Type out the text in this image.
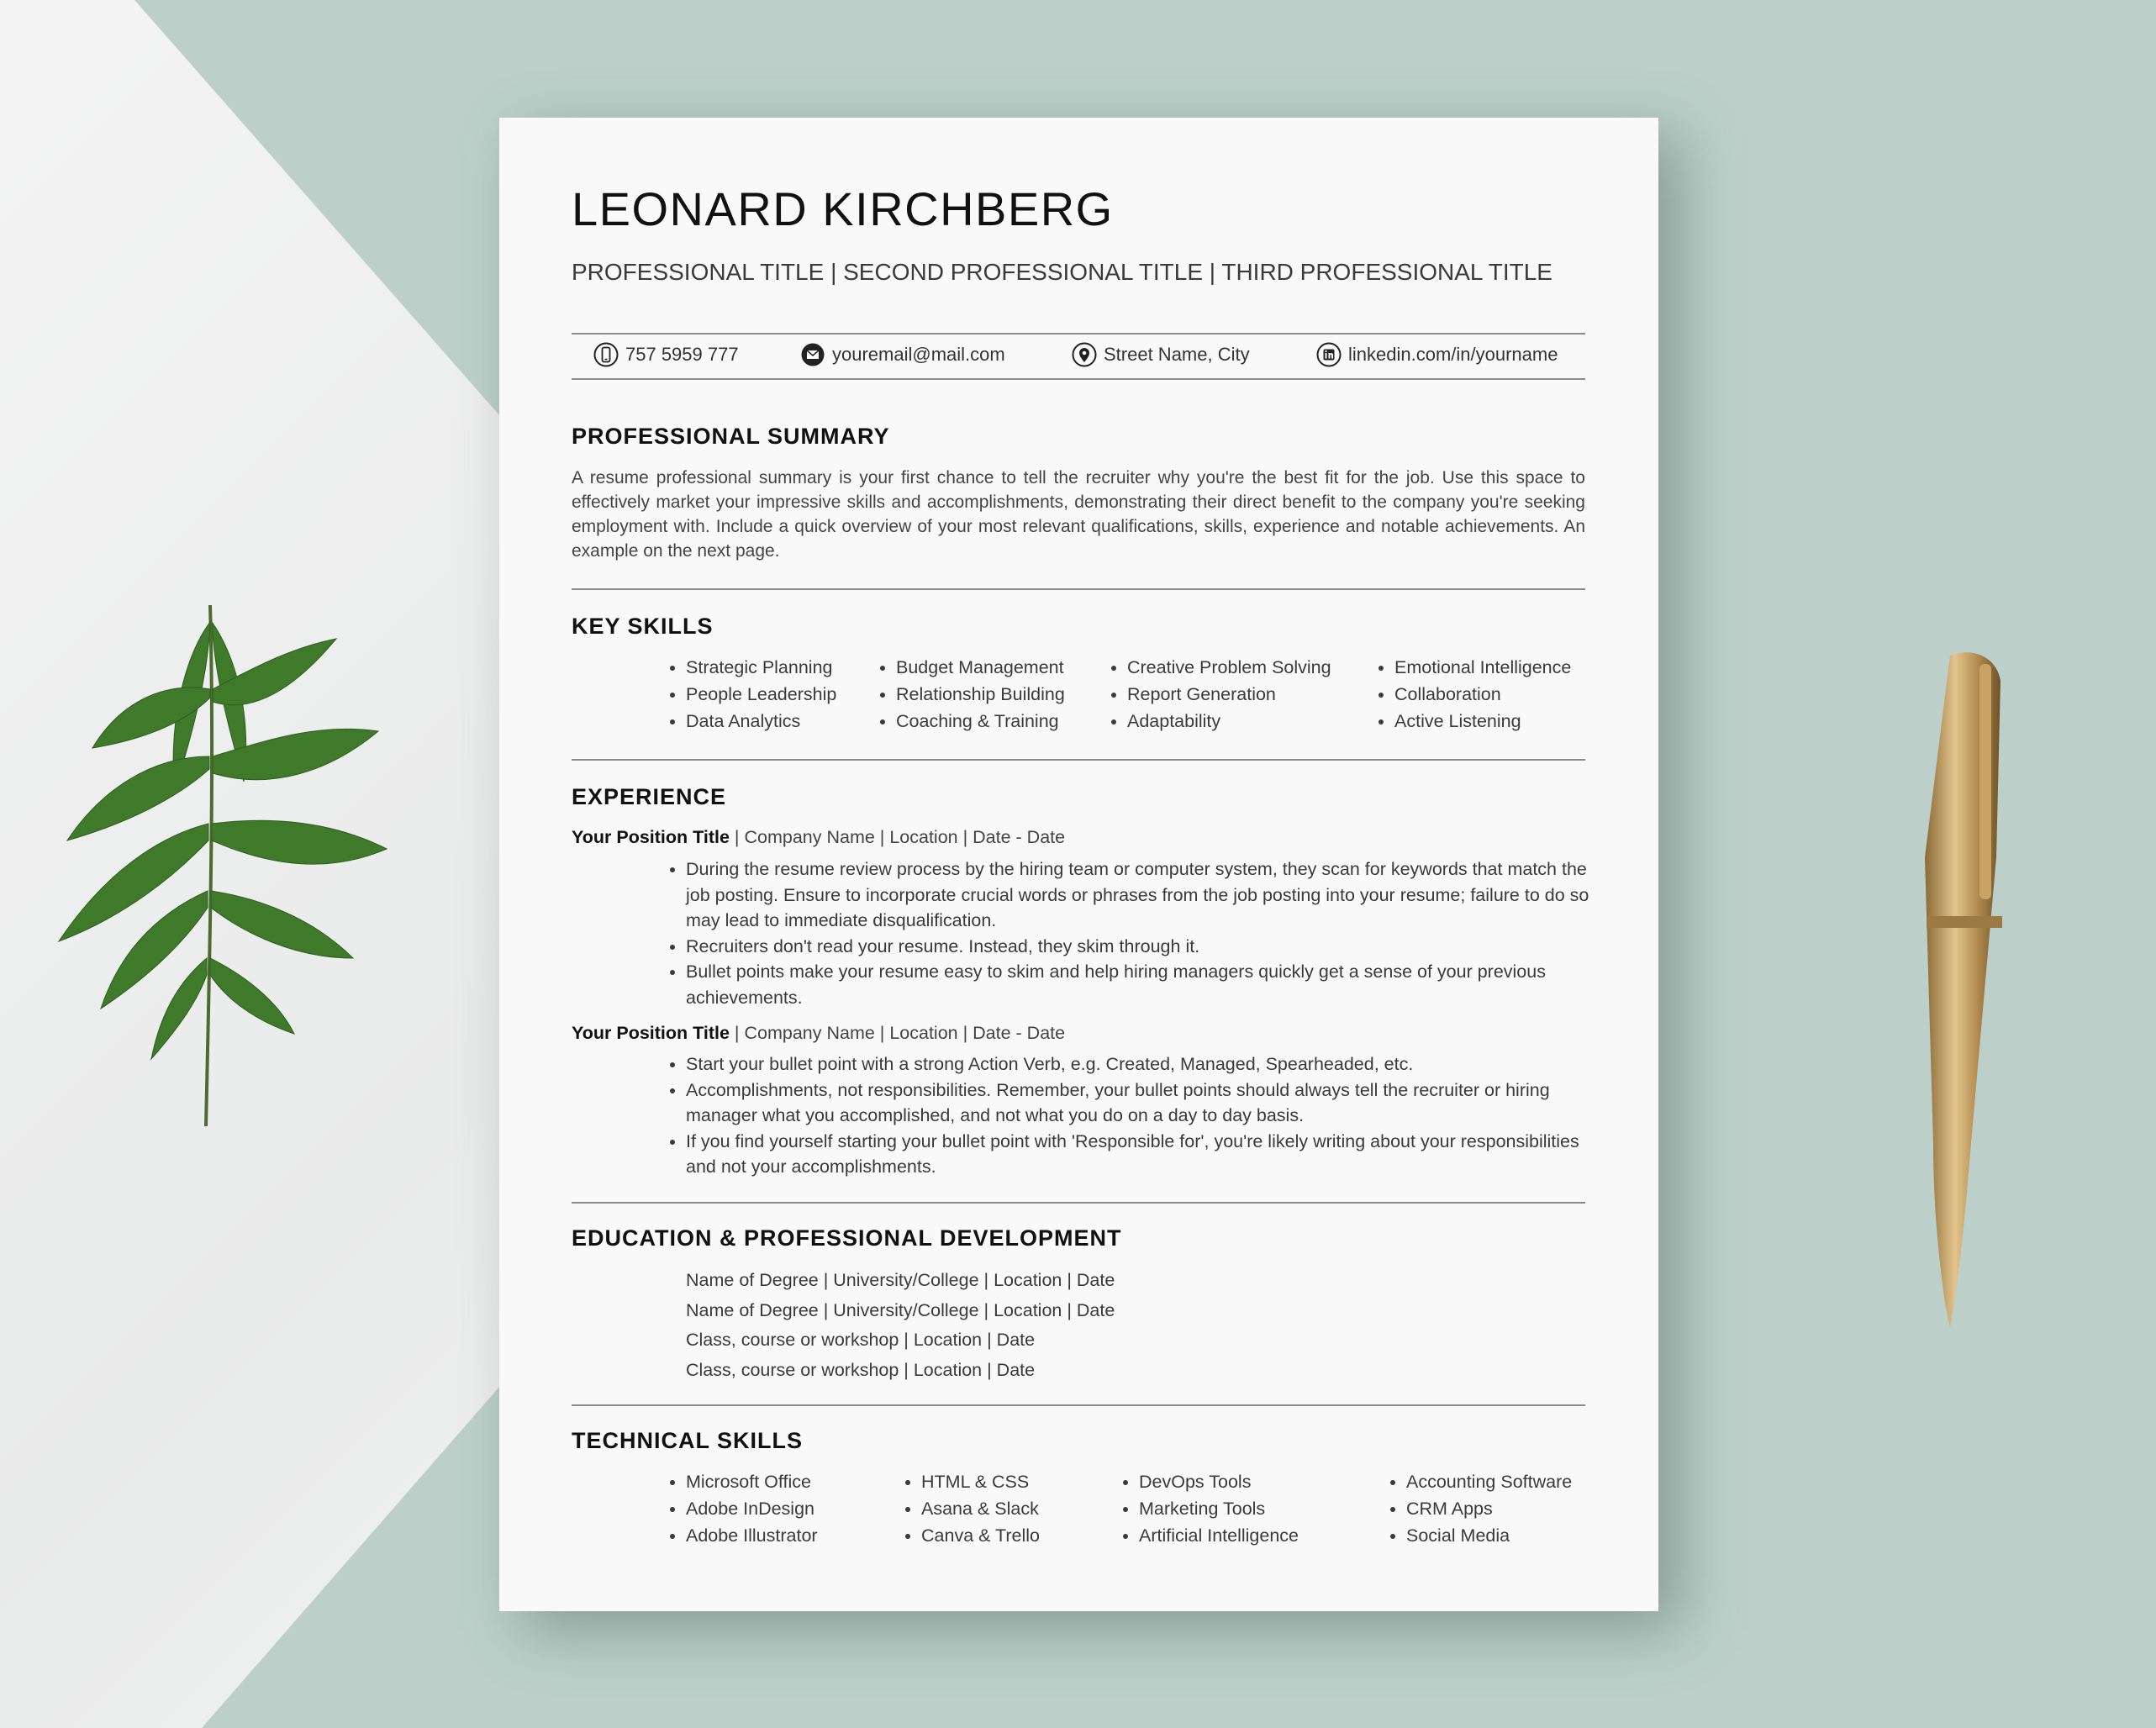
LEONARD KIRCHBERG
PROFESSIONAL TITLE | SECOND PROFESSIONAL TITLE | THIRD PROFESSIONAL TITLE
757 5959 777	youremail@mail.com	Street Name, City	linkedin.com/in/yourname
PROFESSIONAL SUMMARY
A resume professional summary is your first chance to tell the recruiter why you're the best fit for the job. Use this space to effectively market your impressive skills and accomplishments, demonstrating their direct benefit to the company you're seeking employment with. Include a quick overview of your most relevant qualifications, skills, experience and notable achievements. An example on the next page.
KEY SKILLS
• Strategic Planning
• People Leadership
• Data Analytics
• Budget Management
• Relationship Building
• Coaching & Training
• Creative Problem Solving
• Report Generation
• Adaptability
• Emotional Intelligence
• Collaboration
• Active Listening
EXPERIENCE
Your Position Title | Company Name | Location | Date - Date
• During the resume review process by the hiring team or computer system, they scan for keywords that match the job posting. Ensure to incorporate crucial words or phrases from the job posting into your resume; failure to do so may lead to immediate disqualification.
• Recruiters don't read your resume. Instead, they skim through it.
• Bullet points make your resume easy to skim and help hiring managers quickly get a sense of your previous achievements.
Your Position Title | Company Name | Location | Date - Date
• Start your bullet point with a strong Action Verb, e.g. Created, Managed, Spearheaded, etc.
• Accomplishments, not responsibilities. Remember, your bullet points should always tell the recruiter or hiring manager what you accomplished, and not what you do on a day to day basis.
• If you find yourself starting your bullet point with 'Responsible for', you're likely writing about your responsibilities and not your accomplishments.
EDUCATION & PROFESSIONAL DEVELOPMENT
Name of Degree | University/College | Location | Date
Name of Degree | University/College | Location | Date
Class, course or workshop | Location | Date
Class, course or workshop | Location | Date
TECHNICAL SKILLS
• Microsoft Office
• Adobe InDesign
• Adobe Illustrator
• HTML & CSS
• Asana & Slack
• Canva & Trello
• DevOps Tools
• Marketing Tools
• Artificial Intelligence
• Accounting Software
• CRM Apps
• Social Media
